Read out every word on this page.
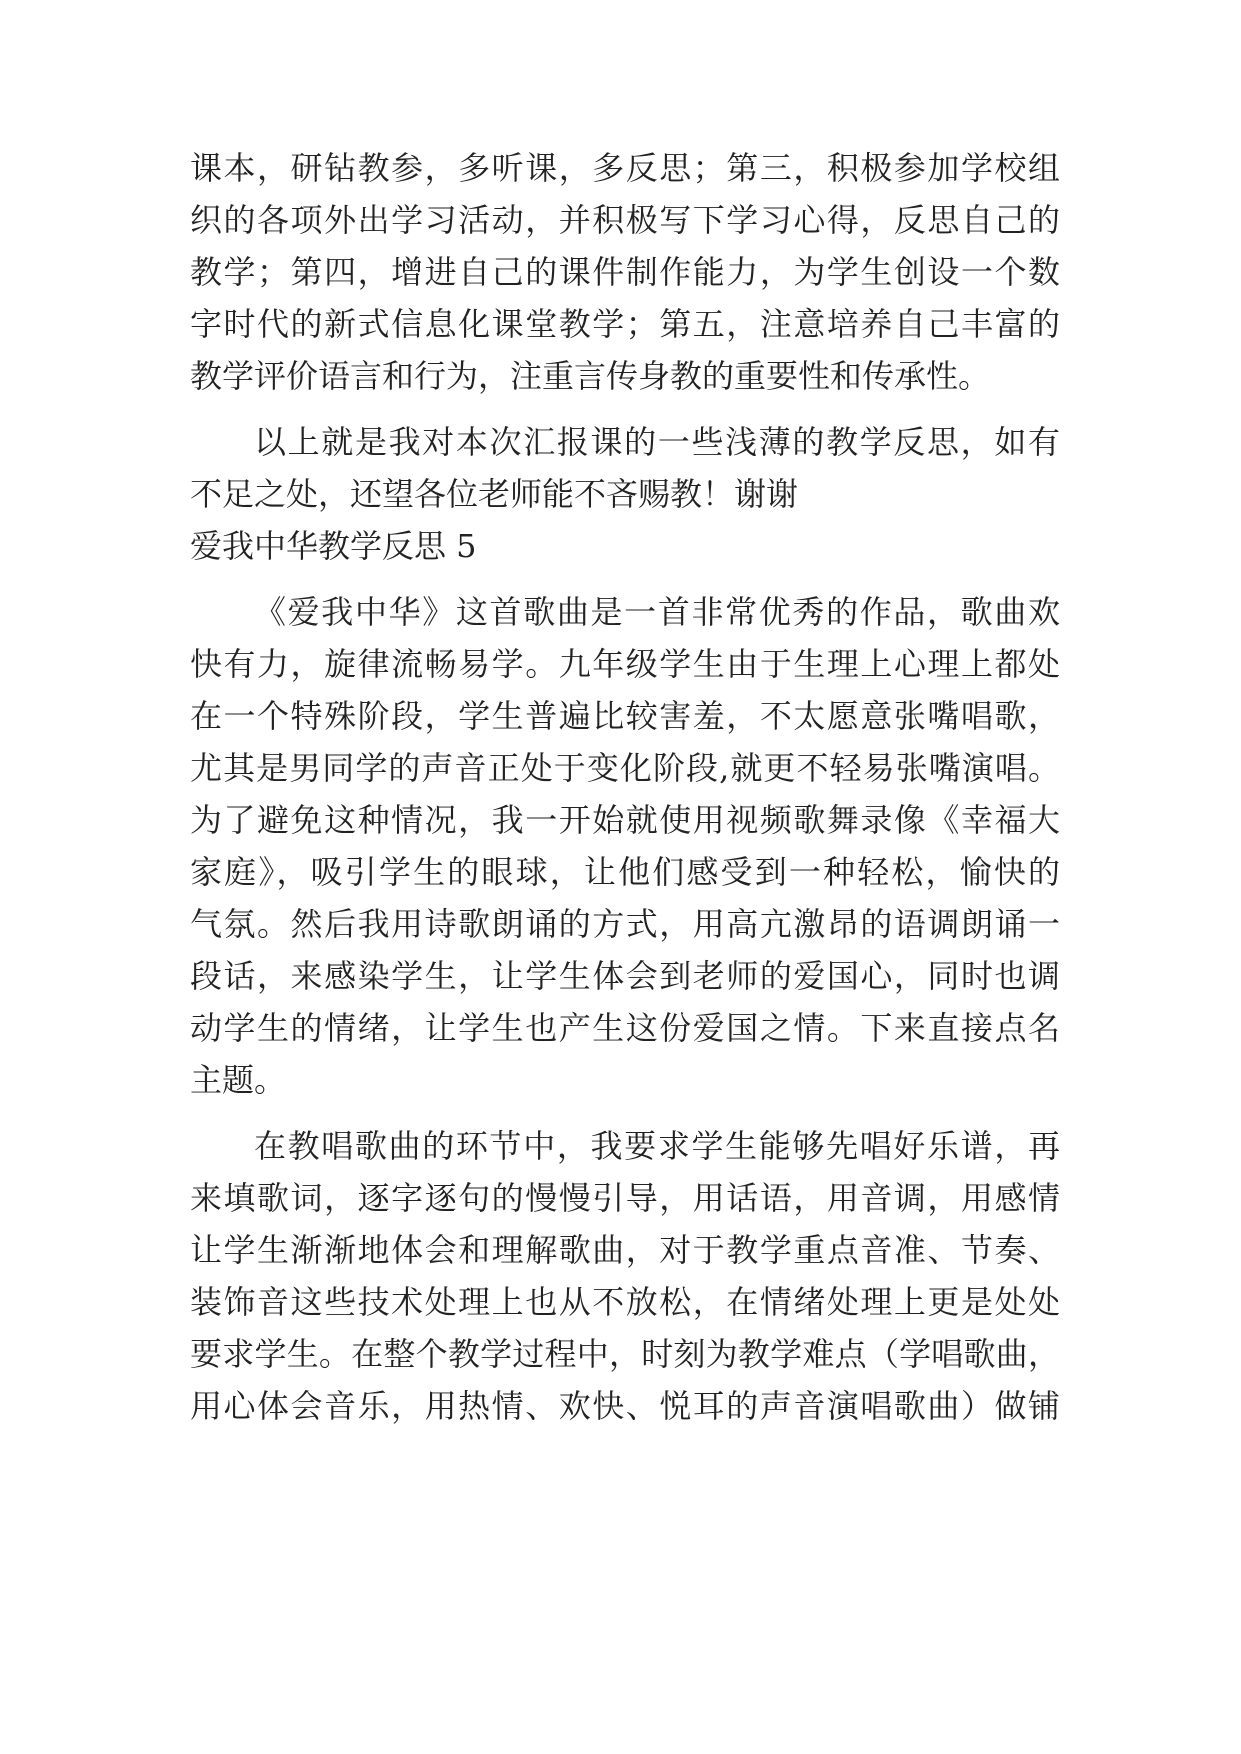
课本，研钻教参，多听课，多反思；第三，积极参加学校组
织的各项外出学习活动，并积极写下学习心得，反思自己的
教学；第四，增进自己的课件制作能力，为学生创设一个数
字时代的新式信息化课堂教学；第五，注意培养自己丰富的
教学评价语言和行为，注重言传身教的重要性和传承性。
以上就是我对本次汇报课的一些浅薄的教学反思，如有
不足之处，还望各位老师能不吝赐教！谢谢
爱我中华教学反思 5
《爱我中华》这首歌曲是一首非常优秀的作品，歌曲欢
快有力，旋律流畅易学。九年级学生由于生理上心理上都处
在一个特殊阶段，学生普遍比较害羞，不太愿意张嘴唱歌，
尤其是男同学的声音正处于变化阶段,就更不轻易张嘴演唱。
为了避免这种情况，我一开始就使用视频歌舞录像《幸福大
家庭》，吸引学生的眼球，让他们感受到一种轻松，愉快的
气氛。然后我用诗歌朗诵的方式，用高亢激昂的语调朗诵一
段话，来感染学生，让学生体会到老师的爱国心，同时也调
动学生的情绪，让学生也产生这份爱国之情。下来直接点名
主题。
在教唱歌曲的环节中，我要求学生能够先唱好乐谱，再
来填歌词，逐字逐句的慢慢引导，用话语，用音调，用感情
让学生渐渐地体会和理解歌曲，对于教学重点音准、节奏、
装饰音这些技术处理上也从不放松，在情绪处理上更是处处
要求学生。在整个教学过程中，时刻为教学难点（学唱歌曲，
用心体会音乐，用热情、欢快、悦耳的声音演唱歌曲）做铺
